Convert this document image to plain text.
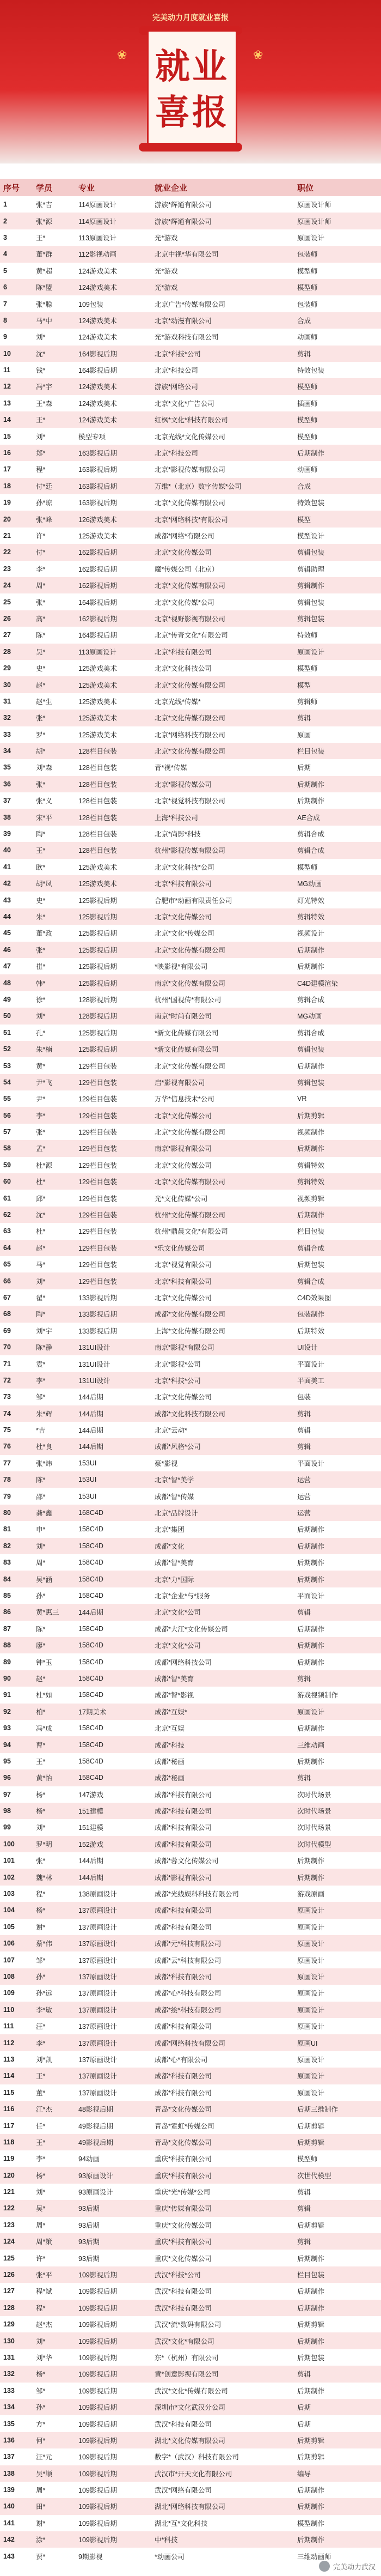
完美动力月度就业喜报
❀	❀
就业
喜报
序号	学员	专业	就业企业	职位
1	张*吉	114原画设计	游族*辉通有限公司	原画设计师
2	张*源	114原画设计	游族*辉通有限公司	原画设计师
3	王*	113原画设计	光*游戏	原画设计
4	董*群	112影视动画	北京中视*华有限公司	包装师
5	黄*超	124游戏美术	光*游戏	模型师
6	陈*盟	124游戏美术	光*游戏	模型师
7	张*聪	109包装	北京广告*传媒有限公司	包装师
8	马*中	124游戏美术	北京*动漫有限公司	合成
9	刘*	124游戏美术	光*游戏科技有限公司	动画师
10	沈*	164影视后期	北京*科技*公司	剪辑
11	钱*	164影视后期	北京*科技公司	特效包装
12	冯*宇	124游戏美术	游族*网络公司	模型师
13	王*森	124游戏美术	北京*文化*广告公司	插画师
14	王*	124游戏美术	红枫*文化*科技有限公司	模型师
15	刘*	模型专项	北京光线*文化传媒公司	模型师
16	郑*	163影视后期	北京*科技公司	后期制作
17	程*	163影视后期	北京*影视传媒有限公司	动画师
18	付*廷	163影视后期	万维*（北京）数字传媒*公司	合成
19	孙*琼	163影视后期	北京*文化传媒有限公司	特效包装
20	张*峰	126游戏美术	北京*网络科技*有限公司	模型
21	许*	125游戏美术	成都*网络*有限公司	模型设计
22	付*	162影视后期	北京*文化传媒公司	剪辑包装
23	李*	162影视后期	魔*传媒公司（北京）	剪辑助理
24	周*	162影视后期	北京*文化传媒有限公司	剪辑制作
25	张*	164影视后期	北京*文化传媒*公司	剪辑包装
26	高*	162影视后期	北京*视野影视有限公司	剪辑包装
27	陈*	164影视后期	北京*传奇文化*有限公司	特效师
28	吴*	113原画设计	北京*科技有限公司	原画设计
29	史*	125游戏美术	北京*文化科技公司	模型师
30	赵*	125游戏美术	北京*文化传媒有限公司	模型
31	赵*生	125游戏美术	北京光线*传媒*	剪辑师
32	张*	125游戏美术	北京*文化传媒有限公司	剪辑
33	罗*	125游戏美术	北京*网络科技有限公司	原画
34	胡*	128栏目包装	北京*文化传媒有限公司	栏目包装
35	刘*森	128栏目包装	青*视*传媒	后期
36	张*	128栏目包装	北京*影视传媒公司	后期制作
37	张*义	128栏目包装	北京*视觉科技有限公司	后期制作
38	宋*平	128栏目包装	上海*科技公司	AE合成
39	陶*	128栏目包装	北京*尚影*科技	剪辑合成
40	王*	128栏目包装	杭州*影视传媒有限公司	剪辑合成
41	欧*	125游戏美术	北京*文化科技*公司	模型师
42	胡*凤	125游戏美术	北京*科技有限公司	MG动画
43	史*	125影视后期	合肥市*动画有限责任公司	灯光特效
44	朱*	125影视后期	北京*文化传媒公司	剪辑特效
45	董*政	125影视后期	北京*文化*传媒公司	视频设计
46	张*	125影视后期	北京*文化传媒有限公司	后期制作
47	崔*	125影视后期	*映影视*有限公司	后期制作
48	韩*	125影视后期	南京*文化传媒有限公司	C4D建模渲染
49	徐*	128影视后期	杭州*国视传*有限公司	剪辑合成
50	刘*	128影视后期	南京*时尚有限公司	MG动画
51	孔*	125影视后期	*新文化传媒有限公司	剪辑合成
52	朱*楠	125影视后期	*新文化传媒有限公司	剪辑包装
53	黄*	129栏目包装	北京*文化传媒有限公司	后期制作
54	尹*飞	129栏目包装	启*影视有限公司	剪辑包装
55	尹*	129栏目包装	万华*信息技术*公司	VR
56	李*	129栏目包装	北京*文化传媒公司	后期剪辑
57	张*	129栏目包装	北京*文化传媒有限公司	视频制作
58	孟*	129栏目包装	南京*影视有限公司	后期制作
59	杜*源	129栏目包装	北京*文化传媒公司	剪辑特效
60	杜*	129栏目包装	北京*文化传媒有限公司	剪辑特效
61	邱*	129栏目包装	光*文化传媒*公司	视频剪辑
62	沈*	129栏目包装	杭州*文化传媒有限公司	后期制作
63	杜*	129栏目包装	杭州*鼎晨文化*有限公司	栏目包装
64	赵*	129栏目包装	*乐文化传媒公司	剪辑合成
65	马*	129栏目包装	北京*视觉有限公司	后期包装
66	刘*	129栏目包装	北京*科技有限公司	剪辑合成
67	翟*	133影视后期	北京*文化传媒公司	C4D效果图
68	陶*	133影视后期	成都*文化传媒有限公司	包装制作
69	刘*宇	133影视后期	上海*文化传媒有限公司	后期特效
70	陈*静	131UI设计	南京*影视*有限公司	UI设计
71	袁*	131UI设计	北京*影视*公司	平面设计
72	李*	131UI设计	北京*科技*公司	平面美工
73	邹*	144后期	北京*文化传媒公司	包装
74	朱*辉	144后期	成都*文化科技有限公司	剪辑
75	*吉	144后期	北京*云动*	剪辑
76	杜*良	144后期	成都*风格*公司	剪辑
77	张*炜	153UI	豪*影视	平面设计
78	陈*	153UI	北京*智*美学	运营
79	邵*	153UI	成都*智*传媒	运营
80	龚*鑫	168C4D	北京*品牌设计	运营
81	申*	158C4D	北京*集团	后期制作
82	刘*	158C4D	成都*文化	后期制作
83	周*	158C4D	成都*智*美育	后期制作
84	吴*涵	158C4D	北京*力*国际	后期制作
85	孙*	158C4D	北京*企业*与*服务	平面设计
86	黄*惠三	144后期	北京*文化*公司	剪辑
87	陈*	158C4D	成都*大江*文化传媒公司	后期制作
88	廖*	158C4D	北京*文化*公司	后期制作
89	钟*玉	158C4D	成都*网络科技公司	后期制作
90	赵*	158C4D	成都*智*美育	剪辑
91	杜*如	158C4D	成都*智*影视	游戏视频制作
92	柏*	17期美术	成都*互娱*	原画设计
93	冯*成	158C4D	北京*互娱	后期制作
94	曹*	158C4D	成都*科技	三维动画
95	王*	158C4D	成都*秘画	后期制作
96	黄*怡	158C4D	成都*秘画	剪辑
97	杨*	147游戏	成都*科技有限公司	次时代场景
98	杨*	151建模	成都*科技有限公司	次时代场景
99	刘*	151建模	成都*科技有限公司	次时代场景
100	罗*明	152游戏	成都*科技有限公司	次时代模型
101	张*	144后期	成都*蓉文化传媒公司	后期制作
102	魏*林	144后期	成都*影视有限公司	后期制作
103	程*	138原画设计	成都*光线娱科科技有限公司	游戏原画
104	杨*	137原画设计	成都*科技有限公司	原画设计
105	谢*	137原画设计	成都*科技有限公司	原画设计
106	蔡*伟	137原画设计	成都*元*科技有限公司	原画设计
107	邹*	137原画设计	成都*云*科技有限公司	原画设计
108	孙*	137原画设计	成都*科技有限公司	原画设计
109	孙*远	137原画设计	成都*心*科技有限公司	原画设计
110	李*敏	137原画设计	成都*绘*科技有限公司	原画设计
111	汪*	137原画设计	成都*科技有限公司	原画设计
112	李*	137原画设计	成都*网络科技有限公司	原画UI
113	刘*凯	137原画设计	成都*心*有限公司	原画设计
114	王*	137原画设计	成都*科技有限公司	原画设计
115	董*	137原画设计	成都*科技有限公司	原画设计
116	江*杰	48影视后期	青岛*文化传媒公司	后期三维制作
117	任*	49影视后期	青岛*霓虹*传媒公司	后期剪辑
118	王*	49影视后期	青岛*文化传媒公司	后期剪辑
119	李*	94动画	重庆*科技有限公司	模型师
120	杨*	93原画设计	重庆*科技有限公司	次世代模型
121	刘*	93原画设计	重庆*光*传媒*公司	剪辑
122	吴*	93后期	重庆*传媒有限公司	剪辑
123	周*	93后期	重庆*文化传媒公司	后期剪辑
124	周*策	93后期	重庆*科技有限公司	剪辑
125	许*	93后期	重庆*文化传媒公司	后期制作
126	张*平	109影视后期	武汉*科技*公司	栏目包装
127	程*斌	109影视后期	武汉*科技有限公司	后期制作
128	程*	109影视后期	武汉*科技有限公司	后期制作
129	赵*杰	109影视后期	武汉*流*数码有限公司	后期剪辑
130	刘*	109影视后期	武汉*文化*有限公司	后期制作
131	刘*华	109影视后期	东*（杭州）有限公司	后期包装
132	杨*	109影视后期	黄*创意影视有限公司	剪辑
133	邹*	109影视后期	武汉*文化*传媒有限公司	后期制作
134	孙*	109影视后期	深圳市*文化武汉分公司	后期
135	方*	109影视后期	武汉*科技有限公司	后期
136	何*	109影视后期	湖北*文化传媒有限公司	后期剪辑
137	汪*元	109影视后期	数字*（武汉）科技有限公司	后期剪辑
138	吴*顺	109影视后期	武汉市*开天文化有限公司	编导
139	周*	109影视后期	武汉*网络有限公司	后期制作
140	田*	109影视后期	湖北*网络科技有限公司	后期制作
141	谢*	109影视后期	湖北*互*文化科技	模型制作
142	涂*	109影视后期	中*科技	后期制作
143	贾*	9期影视	*动画公司	三维动画师
完美动力武汉
